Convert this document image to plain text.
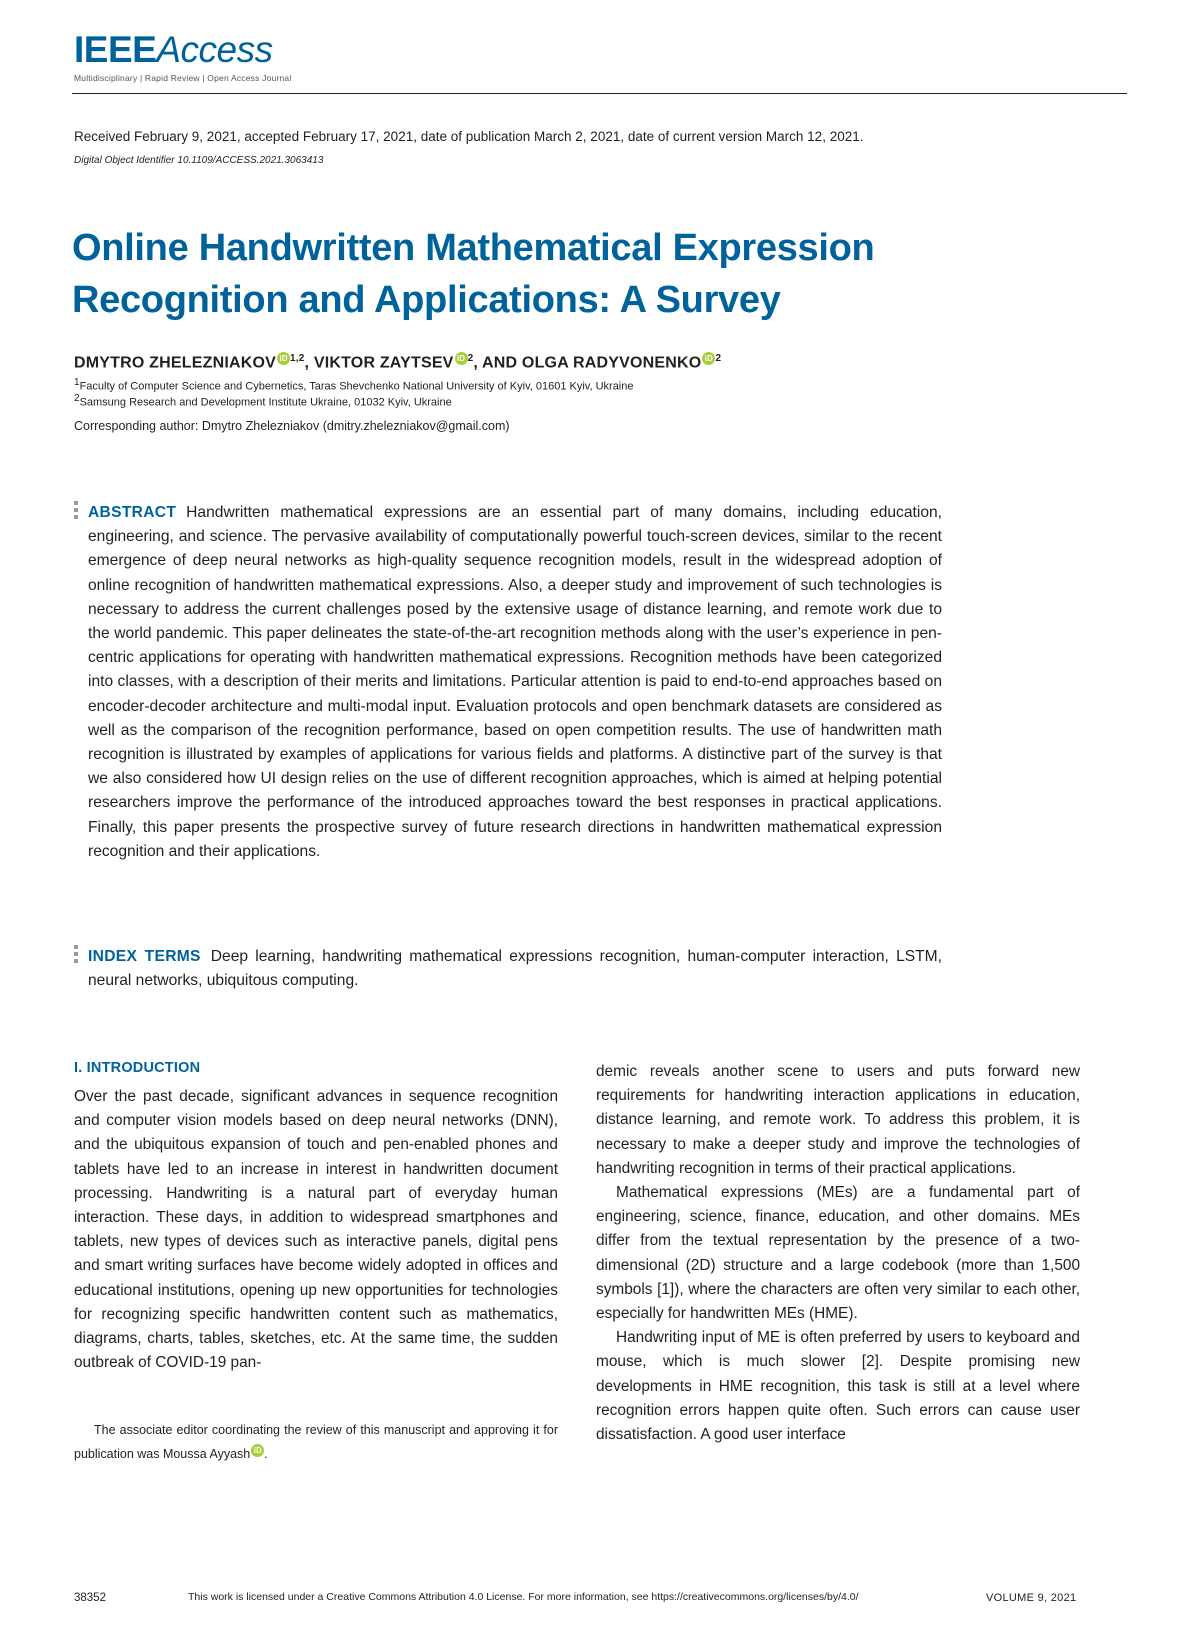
IEEEAccess
Multidisciplinary | Rapid Review | Open Access Journal
Received February 9, 2021, accepted February 17, 2021, date of publication March 2, 2021, date of current version March 12, 2021.
Digital Object Identifier 10.1109/ACCESS.2021.3063413
Online Handwritten Mathematical Expression Recognition and Applications: A Survey
DMYTRO ZHELEZNIAKOV iD $^{1,2}$, VIKTOR ZAYTSEV iD $^2$, AND OLGA RADYVONENKO iD $^2$
1Faculty of Computer Science and Cybernetics, Taras Shevchenko National University of Kyiv, 01601 Kyiv, Ukraine
2Samsung Research and Development Institute Ukraine, 01032 Kyiv, Ukraine
Corresponding author: Dmytro Zhelezniakov (dmitry.zhelezniakov@gmail.com)

ABSTRACT Handwritten mathematical expressions are an essential part of many domains, including education, engineering, and science. The pervasive availability of computationally powerful touch-screen devices, similar to the recent emergence of deep neural networks as high-quality sequence recognition models, result in the widespread adoption of online recognition of handwritten mathematical expressions. Also, a deeper study and improvement of such technologies is necessary to address the current challenges posed by the extensive usage of distance learning, and remote work due to the world pandemic. This paper delineates the state-of-the-art recognition methods along with the user’s experience in pen-centric applications for operating with handwritten mathematical expressions. Recognition methods have been categorized into classes, with a description of their merits and limitations. Particular attention is paid to end-to-end approaches based on encoder-decoder architecture and multi-modal input. Evaluation protocols and open benchmark datasets are considered as well as the comparison of the recognition performance, based on open competition results. The use of handwritten math recognition is illustrated by examples of applications for various fields and platforms. A distinctive part of the survey is that we also considered how UI design relies on the use of different recognition approaches, which is aimed at helping potential researchers improve the performance of the introduced approaches toward the best responses in practical applications. Finally, this paper presents the prospective survey of future research directions in handwritten mathematical expression recognition and their applications.

INDEX TERMS Deep learning, handwriting mathematical expressions recognition, human-computer interaction, LSTM, neural networks, ubiquitous computing.

I. INTRODUCTION

Over the past decade, significant advances in sequence recognition and computer vision models based on deep neural networks (DNN), and the ubiquitous expansion of touch and pen-enabled phones and tablets have led to an increase in interest in handwritten document processing. Handwriting is a natural part of everyday human interaction. These days, in addition to widespread smartphones and tablets, new types of devices such as interactive panels, digital pens and smart writing surfaces have become widely adopted in offices and educational institutions, opening up new opportunities for technologies for recognizing specific handwritten content such as mathematics, diagrams, charts, tables, sketches, etc. At the same time, the sudden outbreak of COVID-19 pan-

demic reveals another scene to users and puts forward new requirements for handwriting interaction applications in education, distance learning, and remote work. To address this problem, it is necessary to make a deeper study and improve the technologies of handwriting recognition in terms of their practical applications.

Mathematical expressions (MEs) are a fundamental part of engineering, science, finance, education, and other domains. MEs differ from the textual representation by the presence of a two-dimensional (2D) structure and a large codebook (more than 1,500 symbols [1]), where the characters are often very similar to each other, especially for handwritten MEs (HME).

Handwriting input of ME is often preferred by users to keyboard and mouse, which is much slower [2]. Despite promising new developments in HME recognition, this task is still at a level where recognition errors happen quite often. Such errors can cause user dissatisfaction. A good user interface

The associate editor coordinating the review of this manuscript and approving it for publication was Moussa Ayyash iD .

38352	This work is licensed under a Creative Commons Attribution 4.0 License. For more information, see https://creativecommons.org/licenses/by/4.0/	VOLUME 9, 2021
